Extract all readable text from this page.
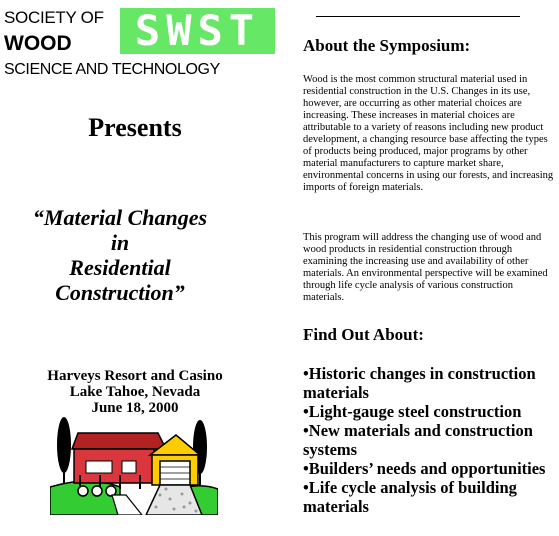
SOCIETY OF
WOOD
SCIENCE AND TECHNOLOGY
SWST
Presents
“Material Changes
in
Residential
Construction”
Harveys Resort and Casino
Lake Tahoe, Nevada
June 18, 2000
About the Symposium:

Wood is the most common structural material used in residential construction in the U.S. Changes in its use, however, are occurring as other material choices are increasing. These increases in material choices are attributable to a variety of reasons including new product development, a changing resource base affecting the types of products being produced, major programs by other material manufacturers to capture market share, environmental concerns in using our forests, and increasing imports of foreign materials.

This program will address the changing use of wood and wood products in residential construction through examining the increasing use and availability of other materials. An environmental perspective will be examined through life cycle analysis of various construction materials.

Find Out About:
•Historic changes in construction materials
•Light-gauge steel construction
•New materials and construction systems
•Builders’ needs and opportunities
•Life cycle analysis of building materials
